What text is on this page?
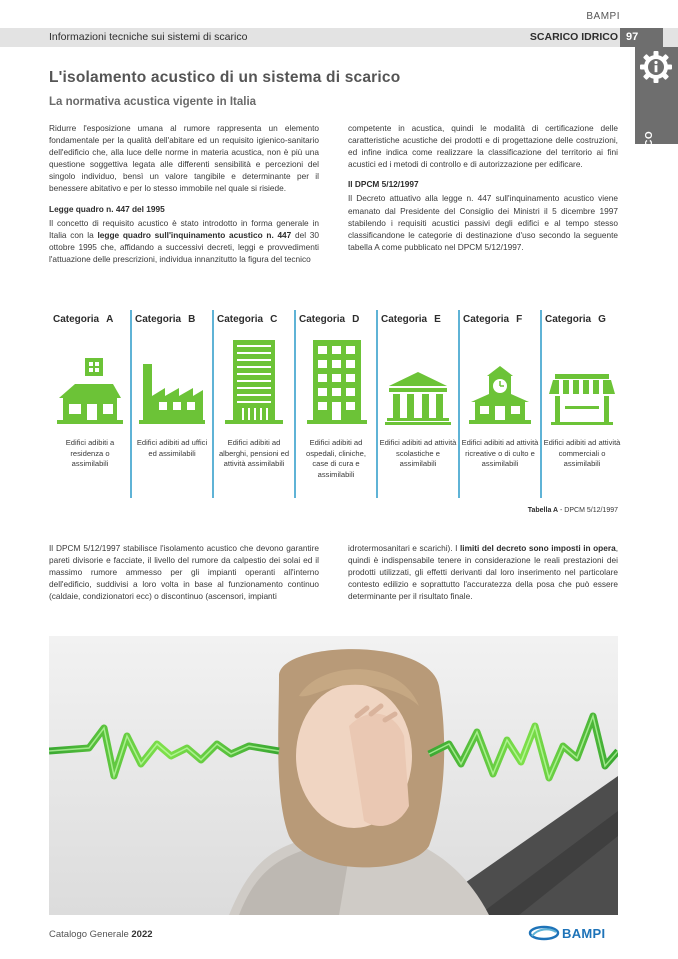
BAMPI
Informazioni tecniche sui sistemi di scarico	SCARICO IDRICO 97
SCARICO
L'isolamento acustico di un sistema di scarico
La normativa acustica vigente in Italia

Ridurre l'esposizione umana al rumore rappresenta un elemento fondamentale per la qualità dell'abitare ed un requisito igienico-sanitario dell'edificio che, alla luce delle norme in materia acustica, non è più una questione soggettiva legata alle differenti sensibilità e percezioni del singolo individuo, bensì un valore tangibile e determinante per il benessere abitativo e per lo stesso immobile nel quale si risiede.

Legge quadro n. 447 del 1995

Il concetto di requisito acustico è stato introdotto in forma generale in Italia con la legge quadro sull'inquinamento acustico n. 447 del 30 ottobre 1995 che, affidando a successivi decreti, leggi e provvedimenti l'attuazione delle prescrizioni, individua innanzitutto la figura del tecnico

competente in acustica, quindi le modalità di certificazione delle caratteristiche acustiche dei prodotti e di progettazione delle costruzioni, ed infine indica come realizzare la classificazione del territorio ai fini acustici ed i metodi di controllo e di autorizzazione per edificare.

Il DPCM 5/12/1997

Il Decreto attuativo alla legge n. 447 sull'inquinamento acustico viene emanato dal Presidente del Consiglio dei Ministri il 5 dicembre 1997 stabilendo i requisiti acustici passivi degli edifici e al tempo stesso classificandone le categorie di destinazione d'uso secondo la seguente tabella A come pubblicato nel DPCM 5/12/1997.

Categoria A
Edifici adibiti a residenza o assimilabili
Categoria B
Edifici adibiti ad uffici ed assimilabili
Categoria C
Edifici adibiti ad alberghi, pensioni ed attività assimilabili
Categoria D
Edifici adibiti ad ospedali, cliniche, case di cura e assimilabili
Categoria E
Edifici adibiti ad attività scolastiche e assimilabili
Categoria F
Edifici adibiti ad attività ricreative o di culto e assimilabili
Categoria G
Edifici adibiti ad attività commerciali o assimilabili
Tabella A - DPCM 5/12/1997

Il DPCM 5/12/1997 stabilisce l'isolamento acustico che devono garantire pareti divisorie e facciate, il livello del rumore da calpestio dei solai ed il massimo rumore ammesso per gli impianti operanti all'interno dell'edificio, suddivisi a loro volta in base al funzionamento continuo (caldaie, condizionatori ecc) o discontinuo (ascensori, impianti

idrotermosanitari e scarichi). I limiti del decreto sono imposti in opera, quindi è indispensabile tenere in considerazione le reali prestazioni dei prodotti utilizzati, gli effetti derivanti dal loro inserimento nel particolare contesto edilizio e soprattutto l'accuratezza della posa che può essere determinante per il risultato finale.

Catalogo Generale 2022	BAMPI
